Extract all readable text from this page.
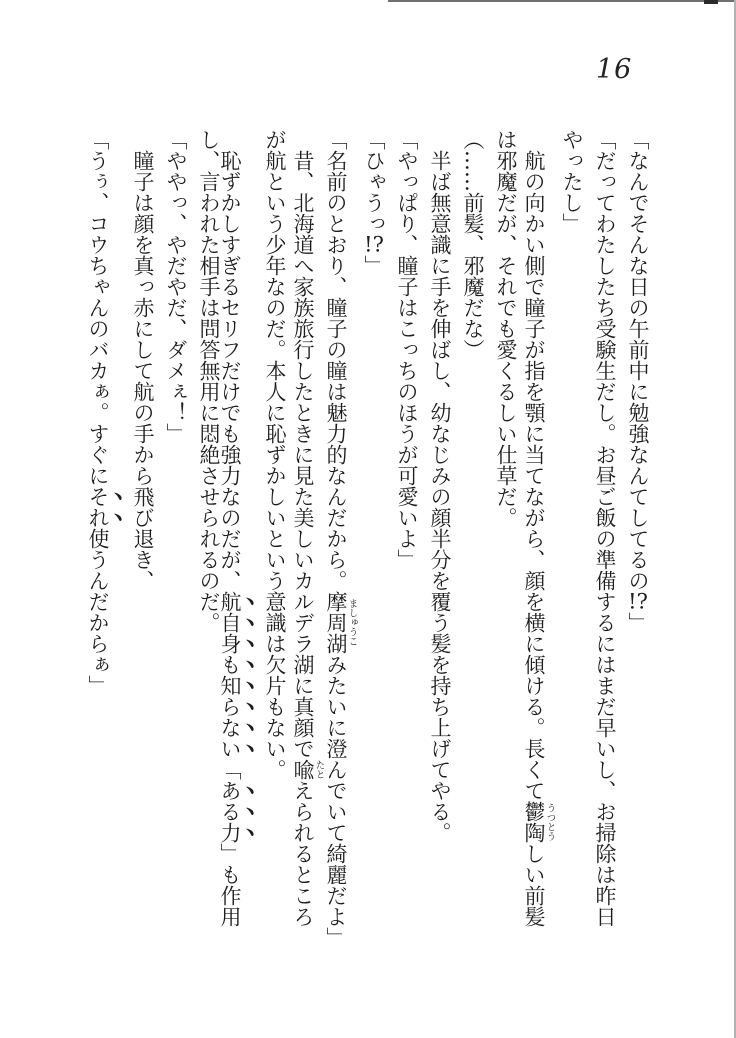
16
「なんでそんな日の午前中に勉強なんてしてるの!?」
「だってわたしたち受験生だし。お昼ご飯の準備するにはまだ早いし、お掃除は昨日
やったし」
航の向かい側で瞳子が指を顎に当てながら、顔を横に傾ける。長くて鬱陶うつとうしい前髪
は邪魔だが、それでも愛くるしい仕草だ。
（……前髪、邪魔だな）
半ば無意識に手を伸ばし、幼なじみの顔半分を覆う髪を持ち上げてやる。
「やっぱり、瞳子はこっちのほうが可愛いよ」
「ひゃうっ!?」
「名前のとおり、瞳子の瞳は魅力的なんだから。摩周湖ましゅうこみたいに澄んでいて綺麗だよ」
昔、北海道へ家族旅行したときに見た美しいカルデラ湖に真顔で喩たとえられるところ
が航という少年なのだ。本人に恥ずかしいという意識は欠片もない。
恥ずかしすぎるセリフだけでも強力なのだが、航自身も知らない「ある力」も作用
し、言われた相手は問答無用に悶絶させられるのだ。
「ややっ、やだやだ、ダメぇ！」
瞳子は顔を真っ赤にして航の手から飛び退き、
「うぅ、コウちゃんのバカぁ。すぐにそれ使うんだからぁ」
